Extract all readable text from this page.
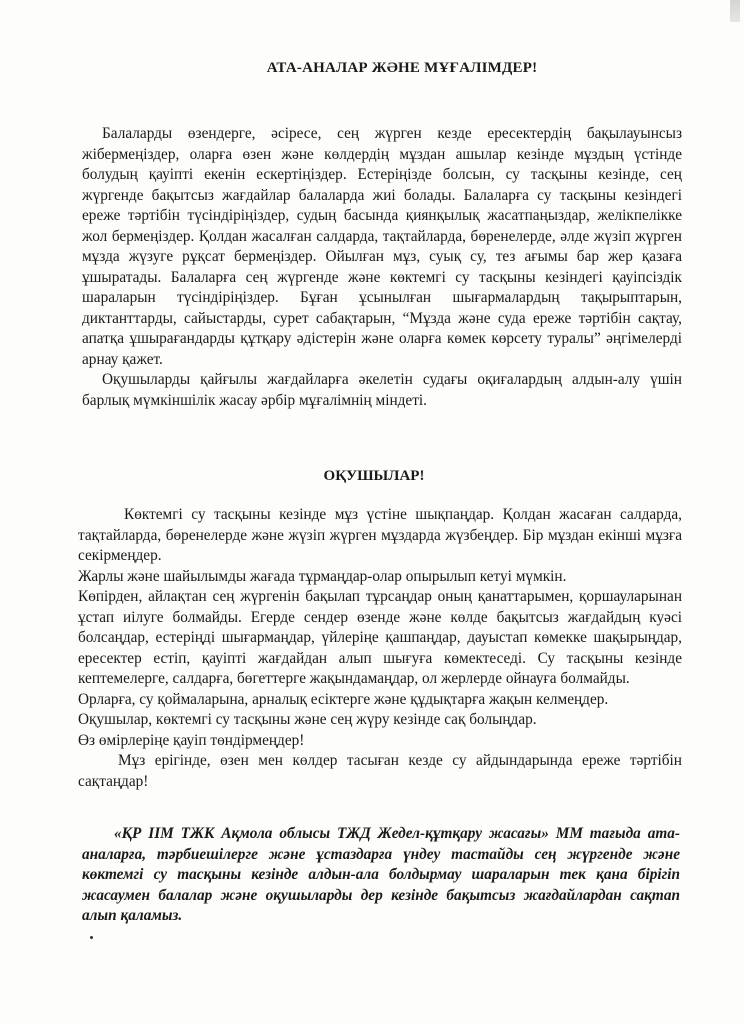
АТА-АНАЛАР ЖӘНЕ МҰҒАЛІМДЕР!

Балаларды өзендерге, әсіресе, сең жүрген кезде ересектердің бақылауынсыз жібермеңіздер, оларға өзен және көлдердің мұздан ашылар кезінде мұздың үстінде болудың қауіпті екенін ескертіңіздер. Естеріңізде болсын, су тасқыны кезінде, сең жүргенде бақытсыз жағдайлар балаларда жиі болады. Балаларға су тасқыны кезіндегі ереже тәртібін түсіндіріңіздер, судың басында қиянқылық жасатпаңыздар, желікпелікке жол бермеңіздер. Қолдан жасалған салдарда, тақтайларда, бөренелерде, әлде жүзіп жүрген мұзда жүзуге рұқсат бермеңіздер. Ойылған мұз, суық су, тез ағымы бар жер қазаға ұшыратады. Балаларға сең жүргенде және көктемгі су тасқыны кезіндегі қауіпсіздік шараларын түсіндіріңіздер. Бұған ұсынылған шығармалардың тақырыптарын, диктанттарды, сайыстарды, сурет сабақтарын, “Мұзда және суда ереже тәртібін сақтау, апатқа ұшырағандарды құтқару әдістерін және оларға көмек көрсету туралы” әңгімелерді арнау қажет.

Оқушыларды қайғылы жағдайларға әкелетін судағы оқиғалардың алдын-алу үшін барлық мүмкіншілік жасау әрбір мұғалімнің міндеті.

ОҚУШЫЛАР!

Көктемгі су тасқыны кезінде мұз үстіне шықпаңдар. Қолдан жасаған салдарда, тақтайларда, бөренелерде және жүзіп жүрген мұздарда жүзбеңдер. Бір мұздан екінші мұзға секірмеңдер.

Жарлы және шайылымды жағада тұрмаңдар-олар опырылып кетуі мүмкін.

Көпірден, айлақтан сең жүргенін бақылап тұрсаңдар оның қанаттарымен, қоршауларынан ұстап иілуге болмайды. Егерде сендер өзенде және көлде бақытсыз жағдайдың куәсі болсаңдар, естеріңді шығармаңдар, үйлеріңе қашпаңдар, дауыстап көмекке шақырыңдар, ересектер естіп, қауіпті жағдайдан алып шығуға көмектеседі. Су тасқыны кезінде кептемелерге, салдарға, бөгеттерге жақындамаңдар, ол жерлерде ойнауға болмайды.

Орларға, су қоймаларына, арналық есіктерге және құдықтарға жақын келмеңдер.

Оқушылар, көктемгі су тасқыны және сең жүру кезінде сақ болыңдар.

Өз өмірлеріңе қауіп төндірмеңдер!

Мұз ерігінде, өзен мен көлдер тасыған кезде су айдындарында ереже тәртібін сақтаңдар!

«ҚР ІІМ ТЖК Ақмола облысы ТЖД Жедел-құтқару жасағы» ММ тағыда ата-аналарға, тәрбиешілерге және ұстаздарға үндеу тастайды сең жүргенде және көктемгі су тасқыны кезінде алдын-ала болдырмау шараларын тек қана бірігіп жасаумен балалар және оқушыларды дер кезінде бақытсыз жағдайлардан сақтап алып қаламыз.
